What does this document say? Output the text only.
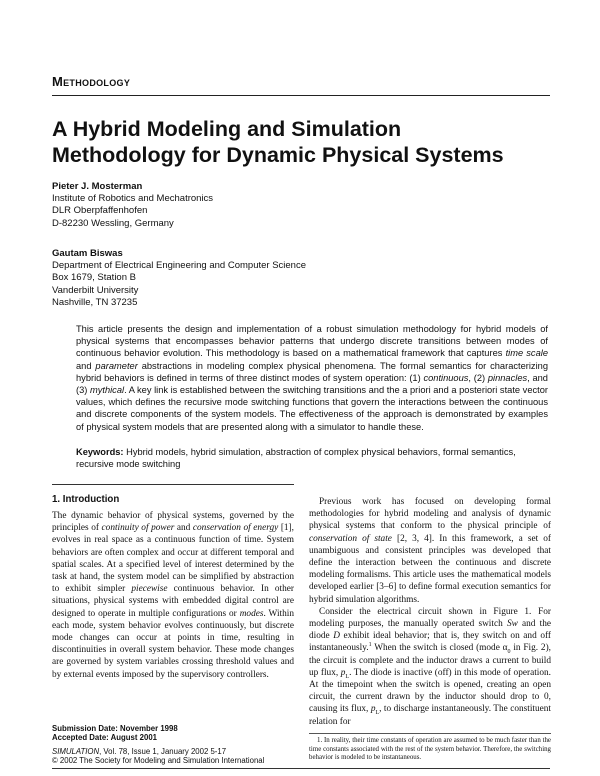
Methodology
A Hybrid Modeling and Simulation
Methodology for Dynamic Physical Systems
Pieter J. Mosterman
Institute of Robotics and Mechatronics
DLR Oberpfaffenhofen
D-82230 Wessling, Germany
Gautam Biswas
Department of Electrical Engineering and Computer Science
Box 1679, Station B
Vanderbilt University
Nashville, TN 37235

This article presents the design and implementation of a robust simulation methodology for hybrid models of physical systems that encompasses behavior patterns that undergo discrete transitions between modes of continuous behavior evolution. This methodology is based on a mathematical framework that captures time scale and parameter abstractions in modeling complex physical phenomena. The formal semantics for characterizing hybrid behaviors is defined in terms of three distinct modes of system operation: (1) continuous, (2) pinnacles, and (3) mythical. A key link is established between the switching transitions and the a priori and a posteriori state vector values, which defines the recursive mode switching functions that govern the interactions between the continuous and discrete components of the system models. The effectiveness of the approach is demonstrated by examples of physical system models that are presented along with a simulator to handle these.

Keywords: Hybrid models, hybrid simulation, abstraction of complex physical behaviors, formal semantics, recursive mode switching
1. Introduction

The dynamic behavior of physical systems, governed by the principles of continuity of power and conservation of energy [1], evolves in real space as a continuous function of time. System behaviors are often complex and occur at different temporal and spatial scales. At a specified level of interest determined by the task at hand, the system model can be simplified by abstraction to exhibit simpler piecewise continuous behavior. In other situations, physical systems with embedded digital control are designed to operate in multiple configurations or modes. Within each mode, system behavior evolves continuously, but discrete mode changes can occur at points in time, resulting in discontinuities in overall system behavior. These mode changes are governed by system variables crossing threshold values and by external events imposed by the supervisory controllers.

Previous work has focused on developing formal methodologies for hybrid modeling and analysis of dynamic physical systems that conform to the physical principle of conservation of state [2, 3, 4]. In this framework, a set of unambiguous and consistent principles was developed that define the interaction between the continuous and discrete modeling formalisms. This article uses the mathematical models developed earlier [3–6] to define formal execution semantics for hybrid simulation algorithms.

Consider the electrical circuit shown in Figure 1. For modeling purposes, the manually operated switch Sw and the diode D exhibit ideal behavior; that is, they switch on and off instantaneously.$^1$ When the switch is closed (mode $\alpha_0$ in Fig. 2), the circuit is complete and the inductor draws a current to build up flux, $p_L$. The diode is inactive (off) in this mode of operation. At the timepoint when the switch is opened, creating an open circuit, the current drawn by the inductor should drop to 0, causing its flux, $p_L$, to discharge instantaneously. The constituent relation for

Submission Date: November 1998
Accepted Date: August 2001
SIMULATION, Vol. 78, Issue 1, January 2002 5-17
© 2002 The Society for Modeling and Simulation International

1. In reality, their time constants of operation are assumed to be much faster than the time constants associated with the rest of the system behavior. Therefore, the switching behavior is modeled to be instantaneous.
